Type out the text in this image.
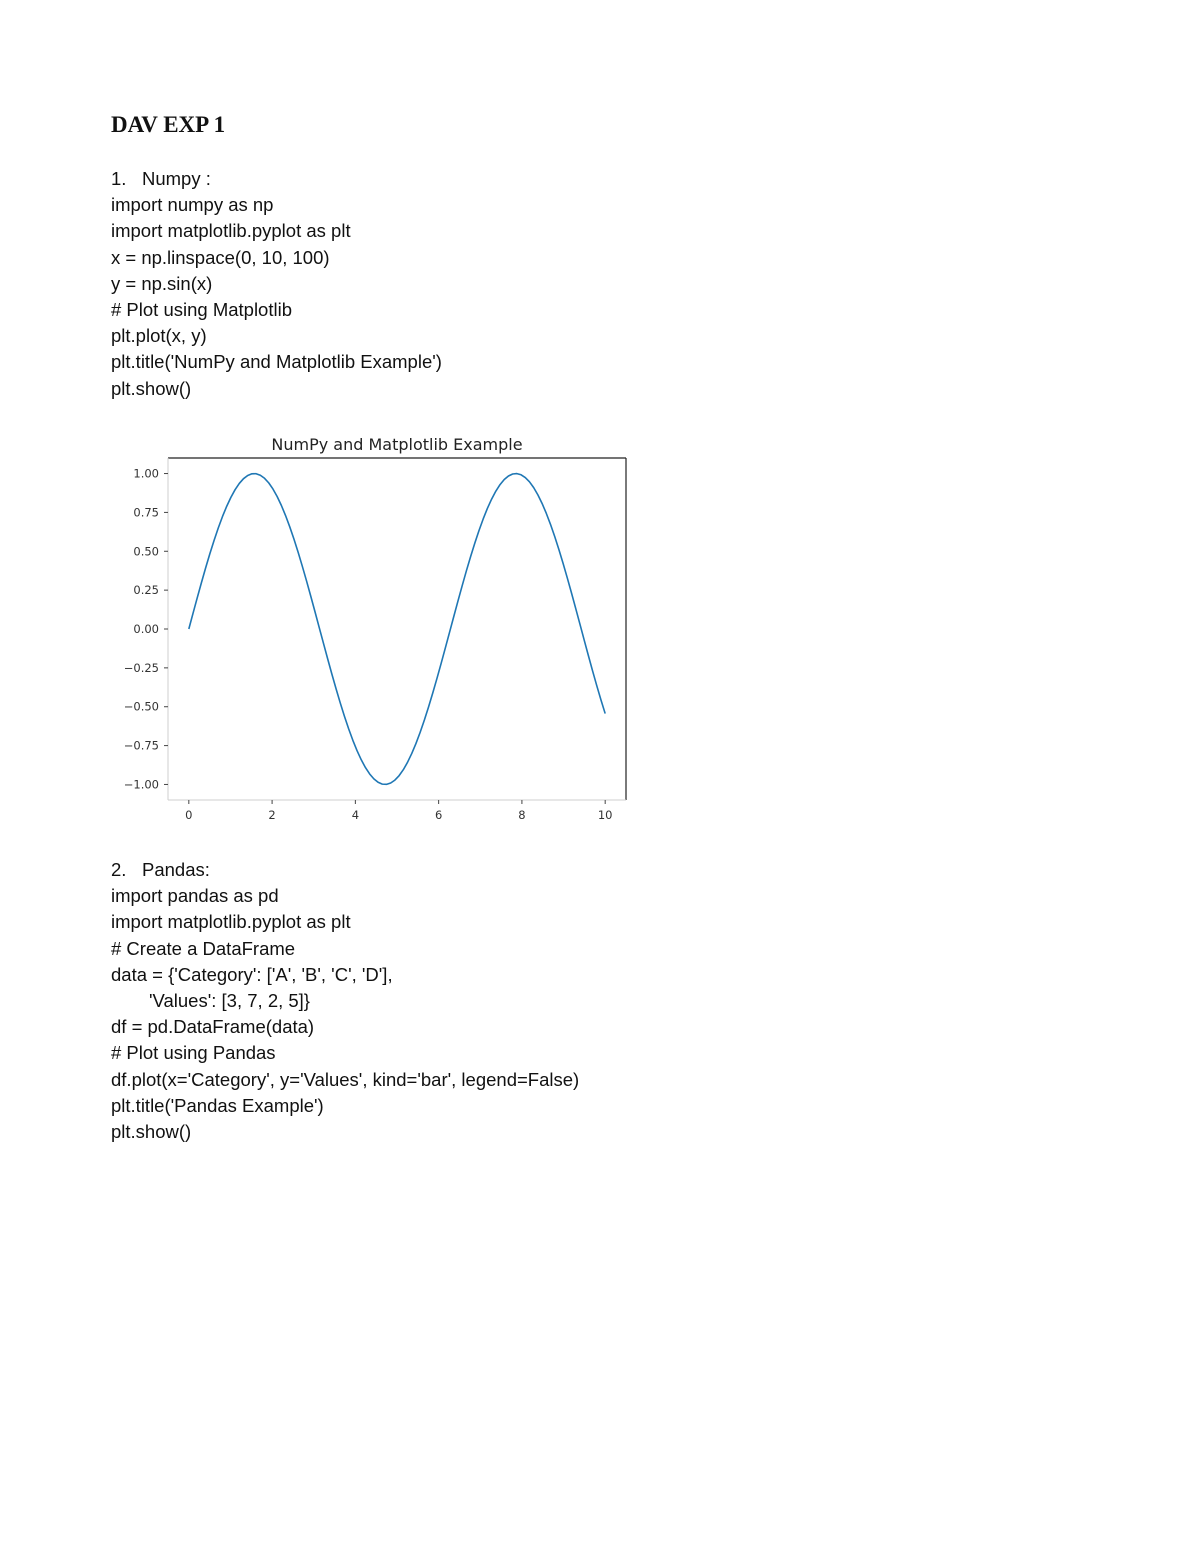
DAV EXP 1
1. Numpy :
import numpy as np
import matplotlib.pyplot as plt
x = np.linspace(0, 10, 100)
y = np.sin(x)
# Plot using Matplotlib
plt.plot(x, y)
plt.title('NumPy and Matplotlib Example')
plt.show()
NumPy and Matplotlib Example
1.00
0.75
0.50
0.25
0.00
−0.25
−0.50
−0.75
−1.00
0	2	4	6	8	10
2. Pandas:
import pandas as pd
import matplotlib.pyplot as plt
# Create a DataFrame
data = {'Category': ['A', 'B', 'C', 'D'],
'Values': [3, 7, 2, 5]}
df = pd.DataFrame(data)
# Plot using Pandas
df.plot(x='Category', y='Values', kind='bar', legend=False)
plt.title('Pandas Example')
plt.show()
